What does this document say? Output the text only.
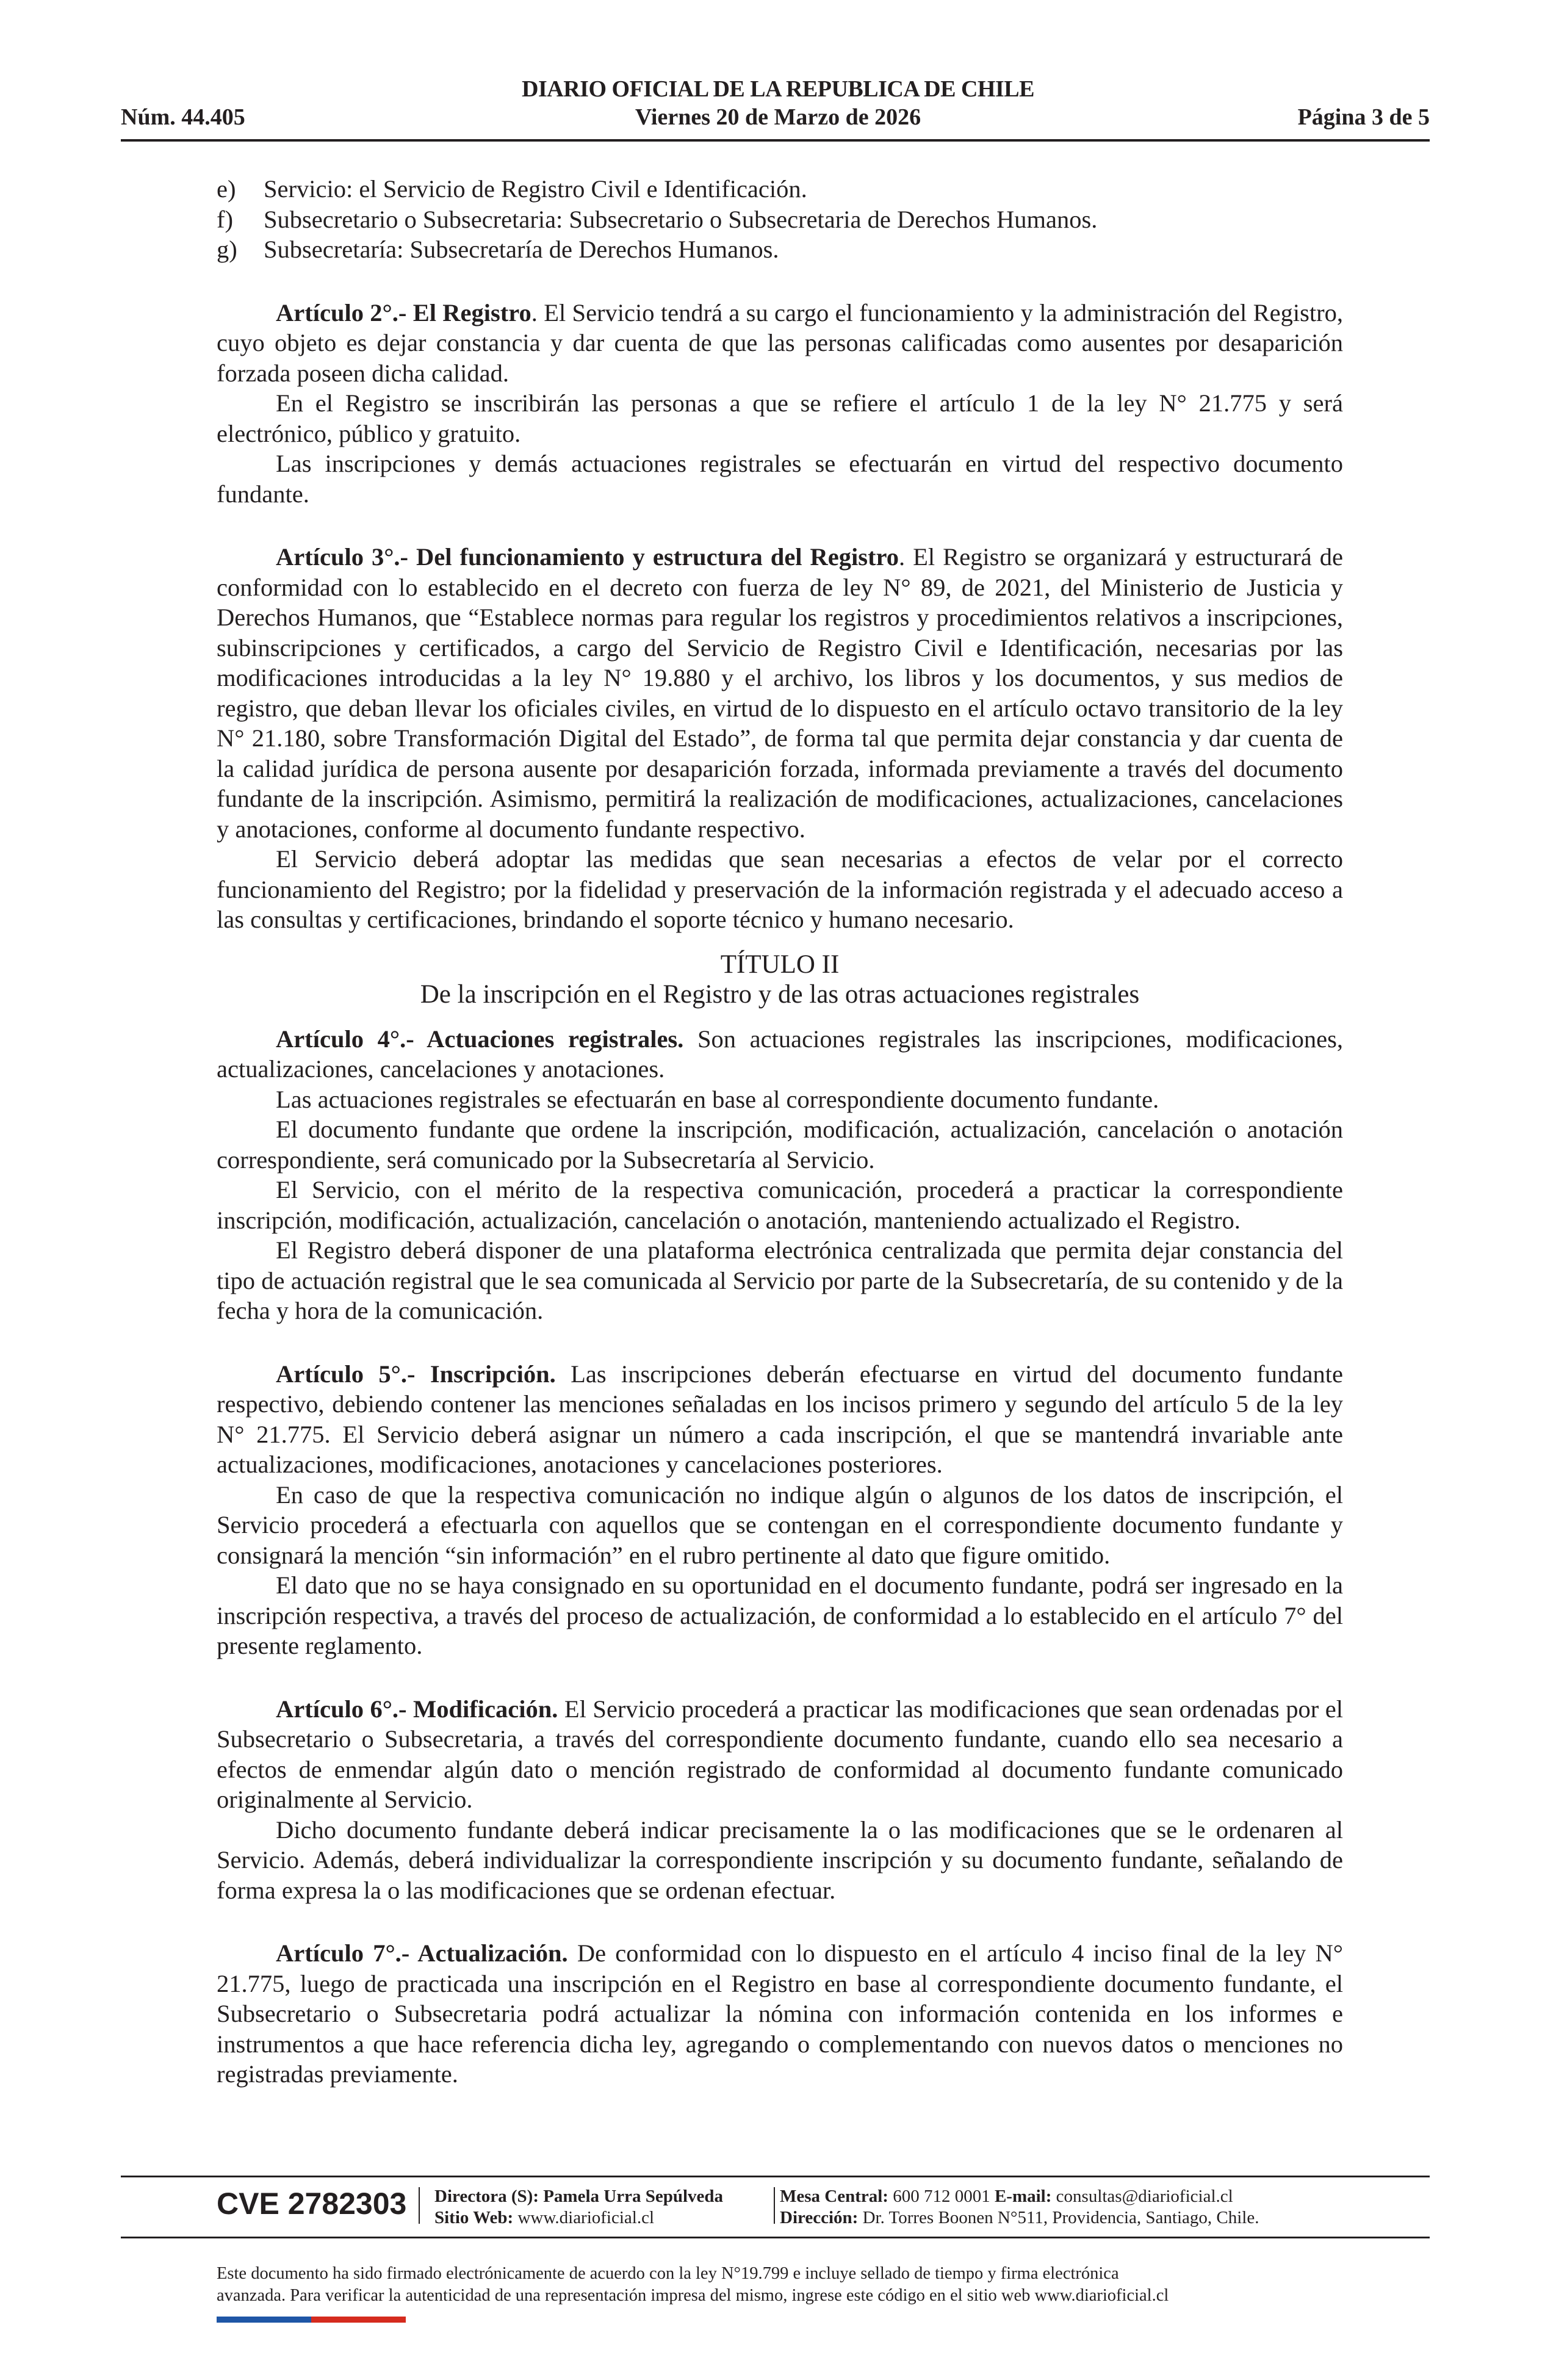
DIARIO OFICIAL DE LA REPUBLICA DE CHILE
Núm. 44.405	Viernes 20 de Marzo de 2026	Página 3 de 5
e)	Servicio: el Servicio de Registro Civil e Identificación.
f)	Subsecretario o Subsecretaria: Subsecretario o Subsecretaria de Derechos Humanos.
g)	Subsecretaría: Subsecretaría de Derechos Humanos.

Artículo 2°.- El Registro. El Servicio tendrá a su cargo el funcionamiento y la administración del Registro, cuyo objeto es dejar constancia y dar cuenta de que las personas calificadas como ausentes por desaparición forzada poseen dicha calidad.

En el Registro se inscribirán las personas a que se refiere el artículo 1 de la ley N° 21.775 y será electrónico, público y gratuito.

Las inscripciones y demás actuaciones registrales se efectuarán en virtud del respectivo documento fundante.

Artículo 3°.- Del funcionamiento y estructura del Registro. El Registro se organizará y estructurará de conformidad con lo establecido en el decreto con fuerza de ley N° 89, de 2021, del Ministerio de Justicia y Derechos Humanos, que “Establece normas para regular los registros y procedimientos relativos a inscripciones, subinscripciones y certificados, a cargo del Servicio de Registro Civil e Identificación, necesarias por las modificaciones introducidas a la ley N° 19.880 y el archivo, los libros y los documentos, y sus medios de registro, que deban llevar los oficiales civiles, en virtud de lo dispuesto en el artículo octavo transitorio de la ley N° 21.180, sobre Transformación Digital del Estado”, de forma tal que permita dejar constancia y dar cuenta de la calidad jurídica de persona ausente por desaparición forzada, informada previamente a través del documento fundante de la inscripción. Asimismo, permitirá la realización de modificaciones, actualizaciones, cancelaciones y anotaciones, conforme al documento fundante respectivo.

El Servicio deberá adoptar las medidas que sean necesarias a efectos de velar por el correcto funcionamiento del Registro; por la fidelidad y preservación de la información registrada y el adecuado acceso a las consultas y certificaciones, brindando el soporte técnico y humano necesario.

TÍTULO II
De la inscripción en el Registro y de las otras actuaciones registrales

Artículo 4°.- Actuaciones registrales. Son actuaciones registrales las inscripciones, modificaciones, actualizaciones, cancelaciones y anotaciones.

Las actuaciones registrales se efectuarán en base al correspondiente documento fundante.

El documento fundante que ordene la inscripción, modificación, actualización, cancelación o anotación correspondiente, será comunicado por la Subsecretaría al Servicio.

El Servicio, con el mérito de la respectiva comunicación, procederá a practicar la correspondiente inscripción, modificación, actualización, cancelación o anotación, manteniendo actualizado el Registro.

El Registro deberá disponer de una plataforma electrónica centralizada que permita dejar constancia del tipo de actuación registral que le sea comunicada al Servicio por parte de la Subsecretaría, de su contenido y de la fecha y hora de la comunicación.

Artículo 5°.- Inscripción. Las inscripciones deberán efectuarse en virtud del documento fundante respectivo, debiendo contener las menciones señaladas en los incisos primero y segundo del artículo 5 de la ley N° 21.775. El Servicio deberá asignar un número a cada inscripción, el que se mantendrá invariable ante actualizaciones, modificaciones, anotaciones y cancelaciones posteriores.

En caso de que la respectiva comunicación no indique algún o algunos de los datos de inscripción, el Servicio procederá a efectuarla con aquellos que se contengan en el correspondiente documento fundante y consignará la mención “sin información” en el rubro pertinente al dato que figure omitido.

El dato que no se haya consignado en su oportunidad en el documento fundante, podrá ser ingresado en la inscripción respectiva, a través del proceso de actualización, de conformidad a lo establecido en el artículo 7° del presente reglamento.

Artículo 6°.- Modificación. El Servicio procederá a practicar las modificaciones que sean ordenadas por el Subsecretario o Subsecretaria, a través del correspondiente documento fundante, cuando ello sea necesario a efectos de enmendar algún dato o mención registrado de conformidad al documento fundante comunicado originalmente al Servicio.

Dicho documento fundante deberá indicar precisamente la o las modificaciones que se le ordenaren al Servicio. Además, deberá individualizar la correspondiente inscripción y su documento fundante, señalando de forma expresa la o las modificaciones que se ordenan efectuar.

Artículo 7°.- Actualización. De conformidad con lo dispuesto en el artículo 4 inciso final de la ley N° 21.775, luego de practicada una inscripción en el Registro en base al correspondiente documento fundante, el Subsecretario o Subsecretaria podrá actualizar la nómina con información contenida en los informes e instrumentos a que hace referencia dicha ley, agregando o complementando con nuevos datos o menciones no registradas previamente.

CVE 2782303 Directora (S): Pamela Urra Sepúlveda
Sitio Web: www.diarioficial.cl
Mesa Central: 600 712 0001 E-mail: consultas@diarioficial.cl
Dirección: Dr. Torres Boonen N°511, Providencia, Santiago, Chile.
Este documento ha sido firmado electrónicamente de acuerdo con la ley N°19.799 e incluye sellado de tiempo y firma electrónica
avanzada. Para verificar la autenticidad de una representación impresa del mismo, ingrese este código en el sitio web www.diarioficial.cl
